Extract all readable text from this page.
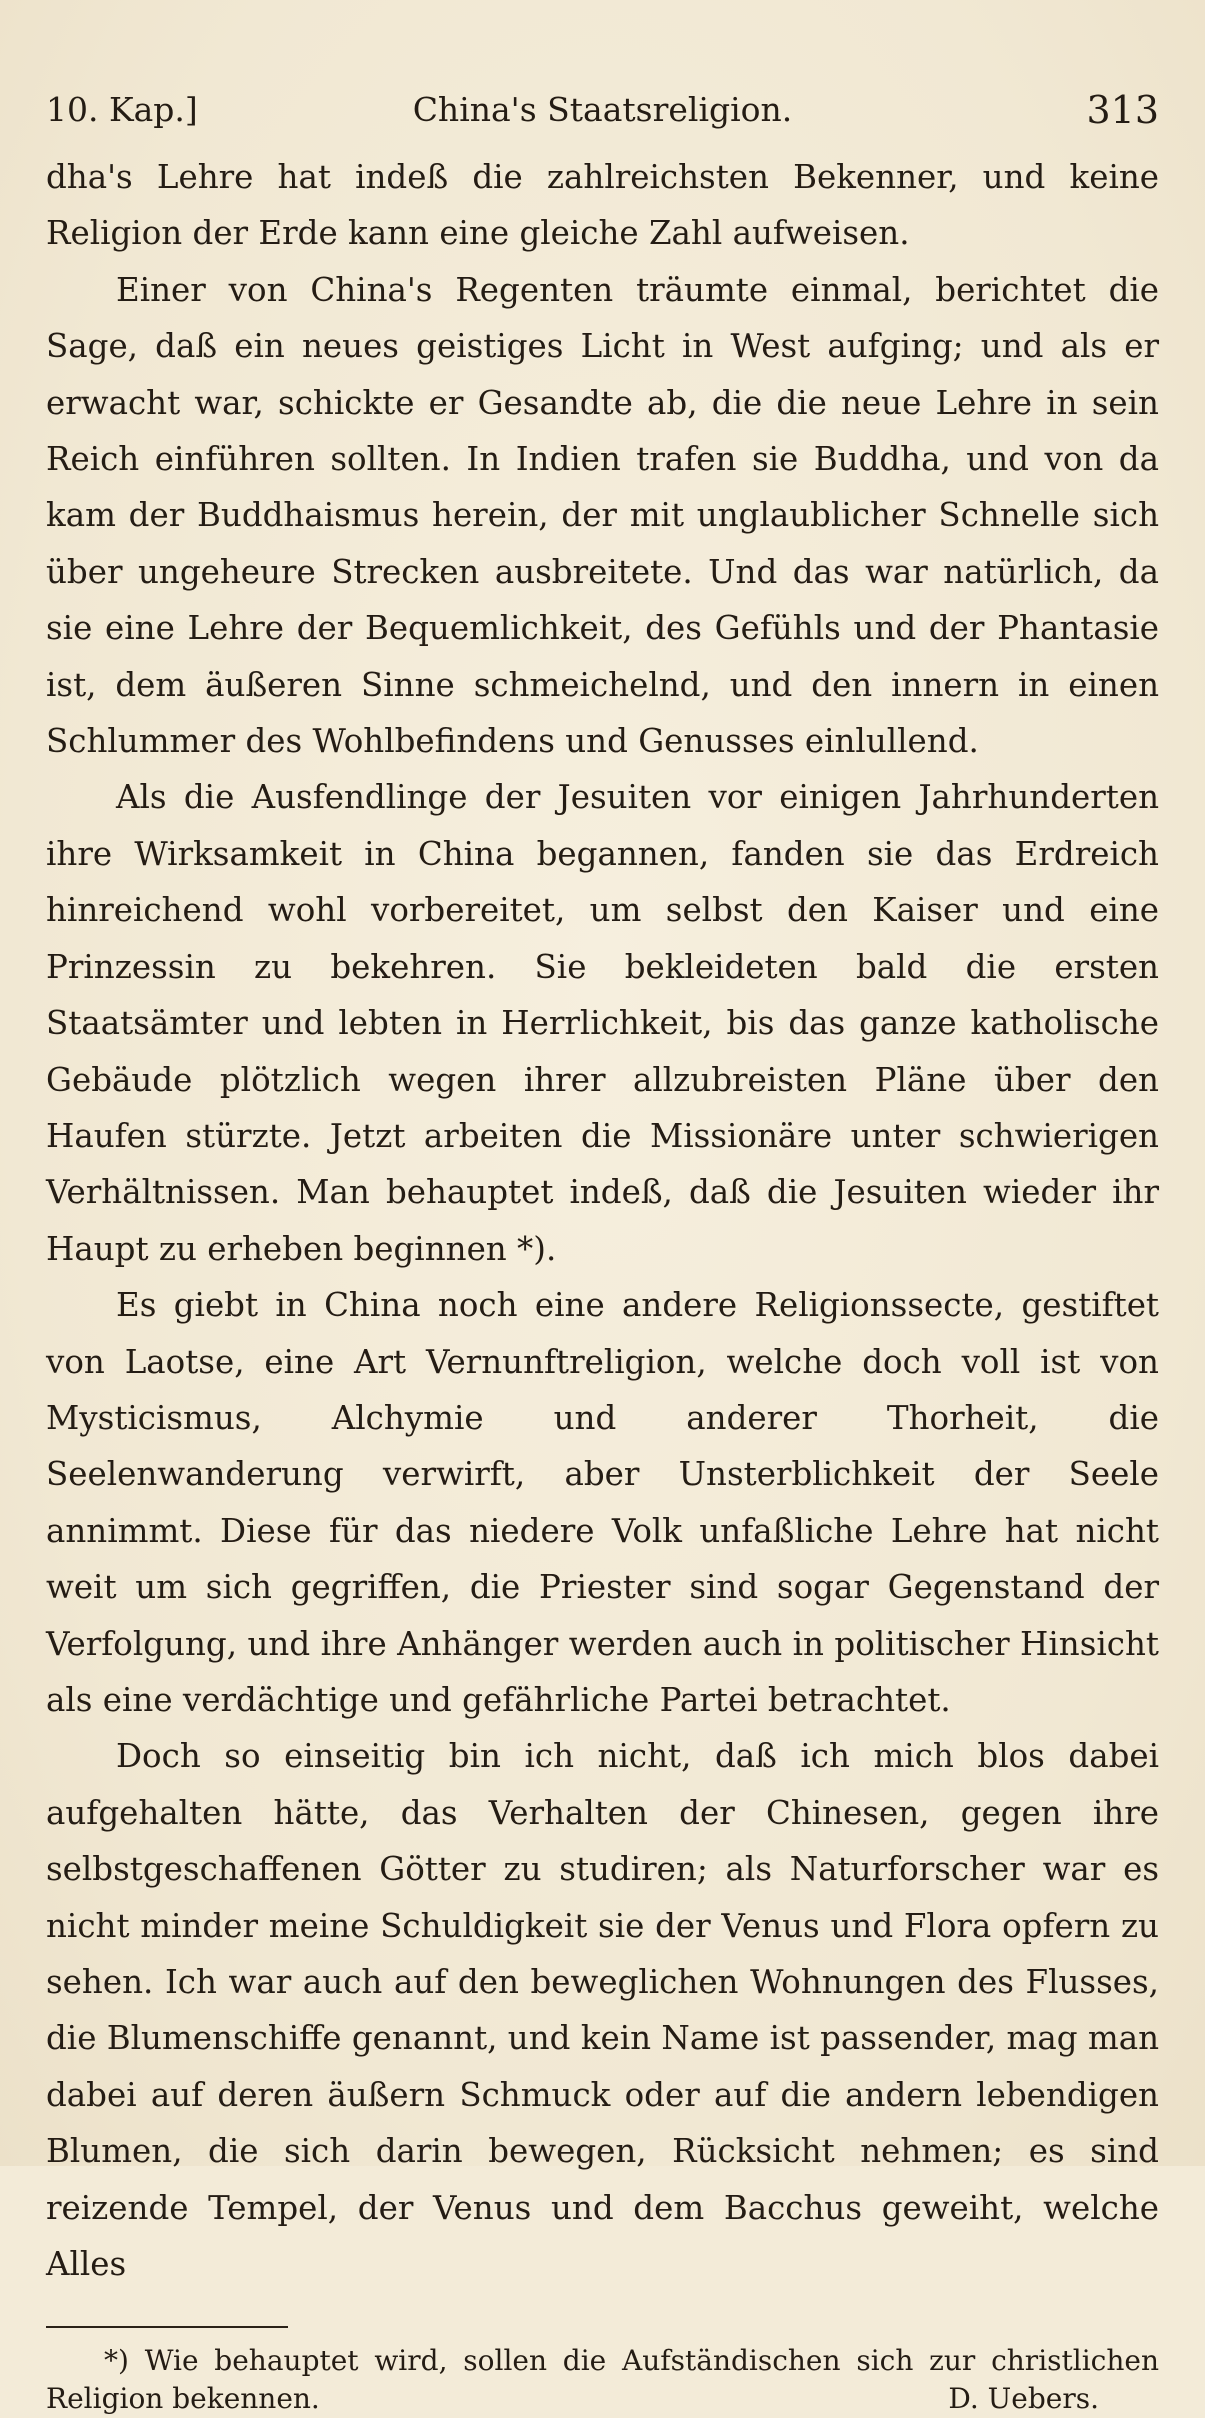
10. Kap.]	China's Staatsreligion.	313

dha's Lehre hat indeß die zahlreichsten Bekenner, und keine Religion der Erde kann eine gleiche Zahl aufweisen.

Einer von China's Regenten träumte einmal, berichtet die Sage, daß ein neues geistiges Licht in West aufging; und als er erwacht war, schickte er Gesandte ab, die die neue Lehre in sein Reich einführen sollten. In Indien trafen sie Buddha, und von da kam der Buddhaismus herein, der mit unglaublicher Schnelle sich über ungeheure Strecken ausbreitete. Und das war natürlich, da sie eine Lehre der Bequemlichkeit, des Gefühls und der Phantasie ist, dem äußeren Sinne schmeichelnd, und den innern in einen Schlummer des Wohlbefindens und Genusses einlullend.

Als die Ausfendlinge der Jesuiten vor einigen Jahrhunderten ihre Wirksamkeit in China begannen, fanden sie das Erdreich hinreichend wohl vorbereitet, um selbst den Kaiser und eine Prinzessin zu bekehren. Sie bekleideten bald die ersten Staatsämter und lebten in Herrlichkeit, bis das ganze katholische Gebäude plötzlich wegen ihrer allzubreisten Pläne über den Haufen stürzte. Jetzt arbeiten die Missionäre unter schwierigen Verhältnissen. Man behauptet indeß, daß die Jesuiten wieder ihr Haupt zu erheben beginnen *).

Es giebt in China noch eine andere Religionssecte, gestiftet von Laotse, eine Art Vernunftreligion, welche doch voll ist von Mysticismus, Alchymie und anderer Thorheit, die Seelenwanderung verwirft, aber Unsterblichkeit der Seele annimmt. Diese für das niedere Volk unfaßliche Lehre hat nicht weit um sich gegriffen, die Priester sind sogar Gegenstand der Verfolgung, und ihre Anhänger werden auch in politischer Hinsicht als eine verdächtige und gefährliche Partei betrachtet.

Doch so einseitig bin ich nicht, daß ich mich blos dabei aufgehalten hätte, das Verhalten der Chinesen, gegen ihre selbstgeschaffenen Götter zu studiren; als Naturforscher war es nicht minder meine Schuldigkeit sie der Venus und Flora opfern zu sehen. Ich war auch auf den beweglichen Wohnungen des Flusses, die Blumenschiffe genannt, und kein Name ist passender, mag man dabei auf deren äußern Schmuck oder auf die andern lebendigen Blumen, die sich darin bewegen, Rücksicht nehmen; es sind reizende Tempel, der Venus und dem Bacchus geweiht, welche Alles

*) Wie behauptet wird, sollen die Aufständischen sich zur christlichen Religion bekennen.	D. Uebers.
